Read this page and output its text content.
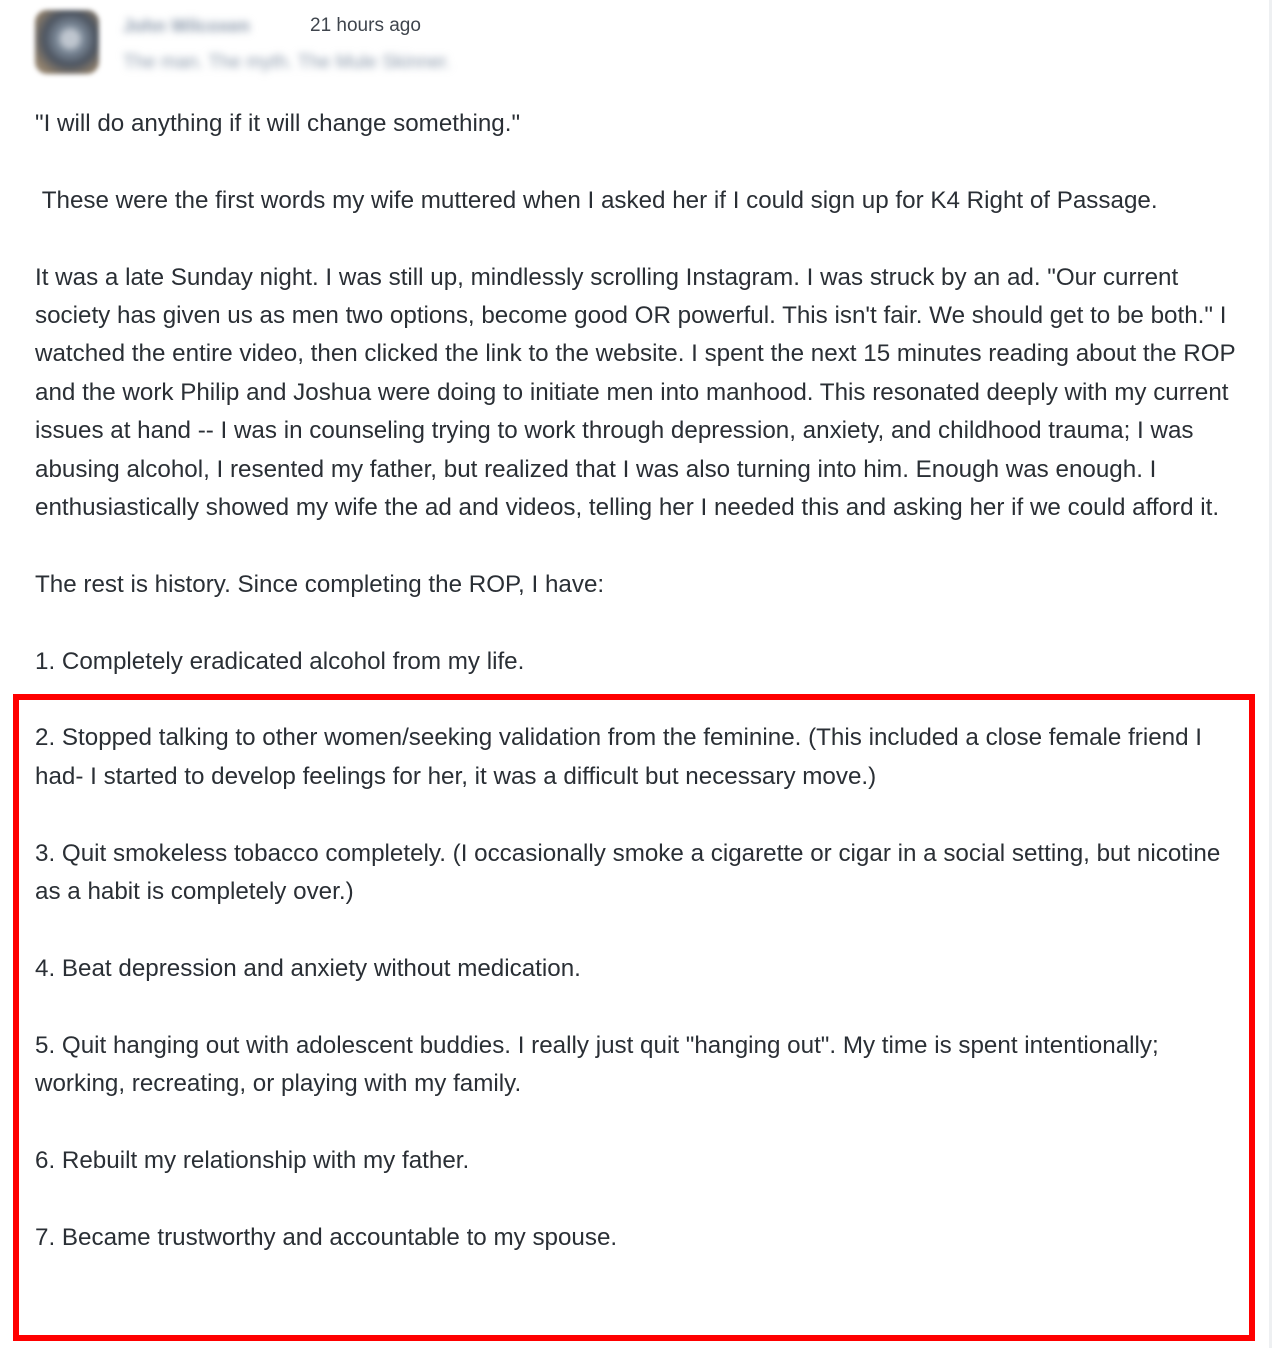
John Wilcoxen	21 hours ago
The man. The myth. The Mule Skinner.

"I will do anything if it will change something."

These were the first words my wife muttered when I asked her if I could sign up for K4 Right of Passage.

It was a late Sunday night. I was still up, mindlessly scrolling Instagram. I was struck by an ad. "Our current society has given us as men two options, become good OR powerful. This isn't fair. We should get to be both." I watched the entire video, then clicked the link to the website. I spent the next 15 minutes reading about the ROP and the work Philip and Joshua were doing to initiate men into manhood. This resonated deeply with my current issues at hand -- I was in counseling trying to work through depression, anxiety, and childhood trauma; I was abusing alcohol, I resented my father, but realized that I was also turning into him. Enough was enough. I enthusiastically showed my wife the ad and videos, telling her I needed this and asking her if we could afford it.

The rest is history. Since completing the ROP, I have:

1. Completely eradicated alcohol from my life.

2. Stopped talking to other women/seeking validation from the feminine. (This included a close female friend I had- I started to develop feelings for her, it was a difficult but necessary move.)

3. Quit smokeless tobacco completely. (I occasionally smoke a cigarette or cigar in a social setting, but nicotine as a habit is completely over.)

4. Beat depression and anxiety without medication.

5. Quit hanging out with adolescent buddies. I really just quit "hanging out". My time is spent intentionally; working, recreating, or playing with my family.

6. Rebuilt my relationship with my father.

7. Became trustworthy and accountable to my spouse.
